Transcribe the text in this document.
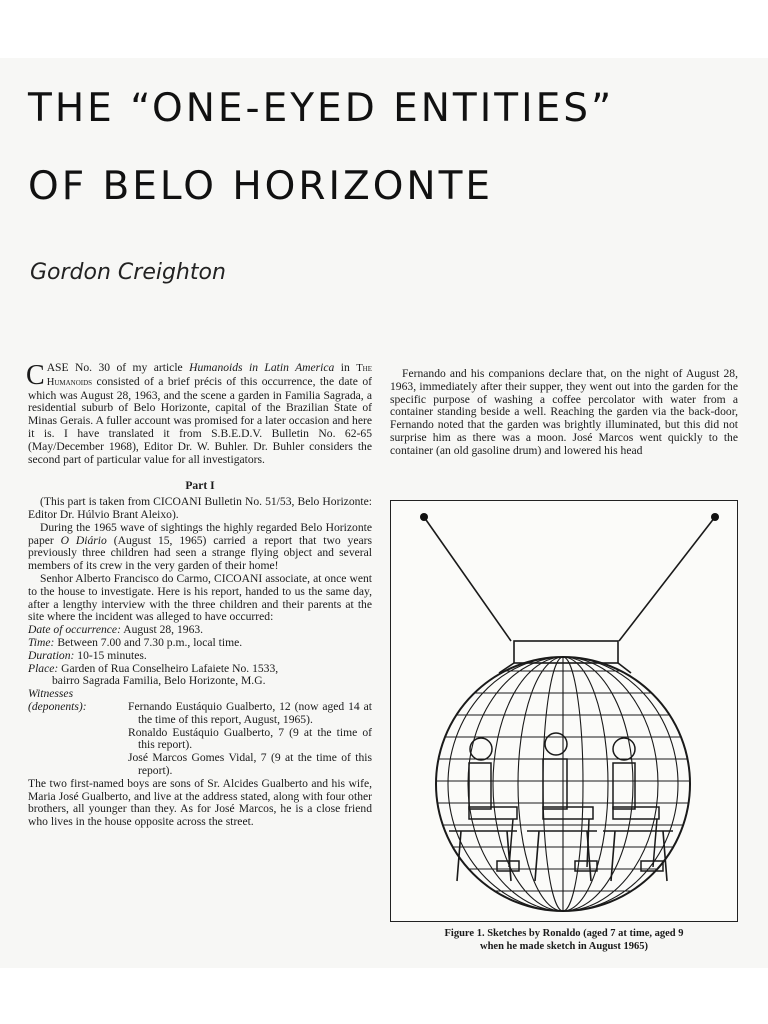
THE “ONE-EYED ENTITIES”
OF BELO HORIZONTE
Gordon Creighton

CASE No. 30 of my article Humanoids in Latin America in The Humanoids consisted of a brief précis of this occurrence, the date of which was August 28, 1963, and the scene a garden in Familia Sagrada, a residential suburb of Belo Horizonte, capital of the Brazilian State of Minas Gerais. A fuller account was promised for a later occasion and here it is. I have translated it from S.B.E.D.V. Bulletin No. 62-65 (May/December 1968), Editor Dr. W. Buhler. Dr. Buhler considers the second part of particular value for all investigators.

Part I

(This part is taken from CICOANI Bulletin No. 51/53, Belo Horizonte: Editor Dr. Húlvio Brant Aleixo).

During the 1965 wave of sightings the highly regarded Belo Horizonte paper O Diário (August 15, 1965) carried a report that two years previously three children had seen a strange flying object and several members of its crew in the very garden of their home!

Senhor Alberto Francisco do Carmo, CICOANI associate, at once went to the house to investigate. Here is his report, handed to us the same day, after a lengthy interview with the three children and their parents at the site where the incident was alleged to have occurred:

Date of occurrence: August 28, 1963.

Time: Between 7.00 and 7.30 p.m., local time.

Duration: 10-15 minutes.

Place: Garden of Rua Conselheiro Lafaiete No. 1533,

bairro Sagrada Familia, Belo Horizonte, M.G.

Witnesses
(deponents):	Fernando Eustáquio Gualberto, 12 (now aged 14 at the time of this report, August, 1965).
Ronaldo Eustáquio Gualberto, 7 (9 at the time of this report).
José Marcos Gomes Vidal, 7 (9 at the time of this report).

The two first-named boys are sons of Sr. Alcides Gualberto and his wife, Maria José Gualberto, and live at the address stated, along with four other brothers, all younger than they. As for José Marcos, he is a close friend who lives in the house opposite across the street.

Fernando and his companions declare that, on the night of August 28, 1963, immediately after their supper, they went out into the garden for the specific purpose of washing a coffee percolator with water from a container standing beside a well. Reaching the garden via the back-door, Fernando noted that the garden was brightly illuminated, but this did not surprise him as there was a moon. José Marcos went quickly to the container (an old gasoline drum) and lowered his head

Figure 1. Sketches by Ronaldo (aged 7 at time, aged 9
when he made sketch in August 1965)
